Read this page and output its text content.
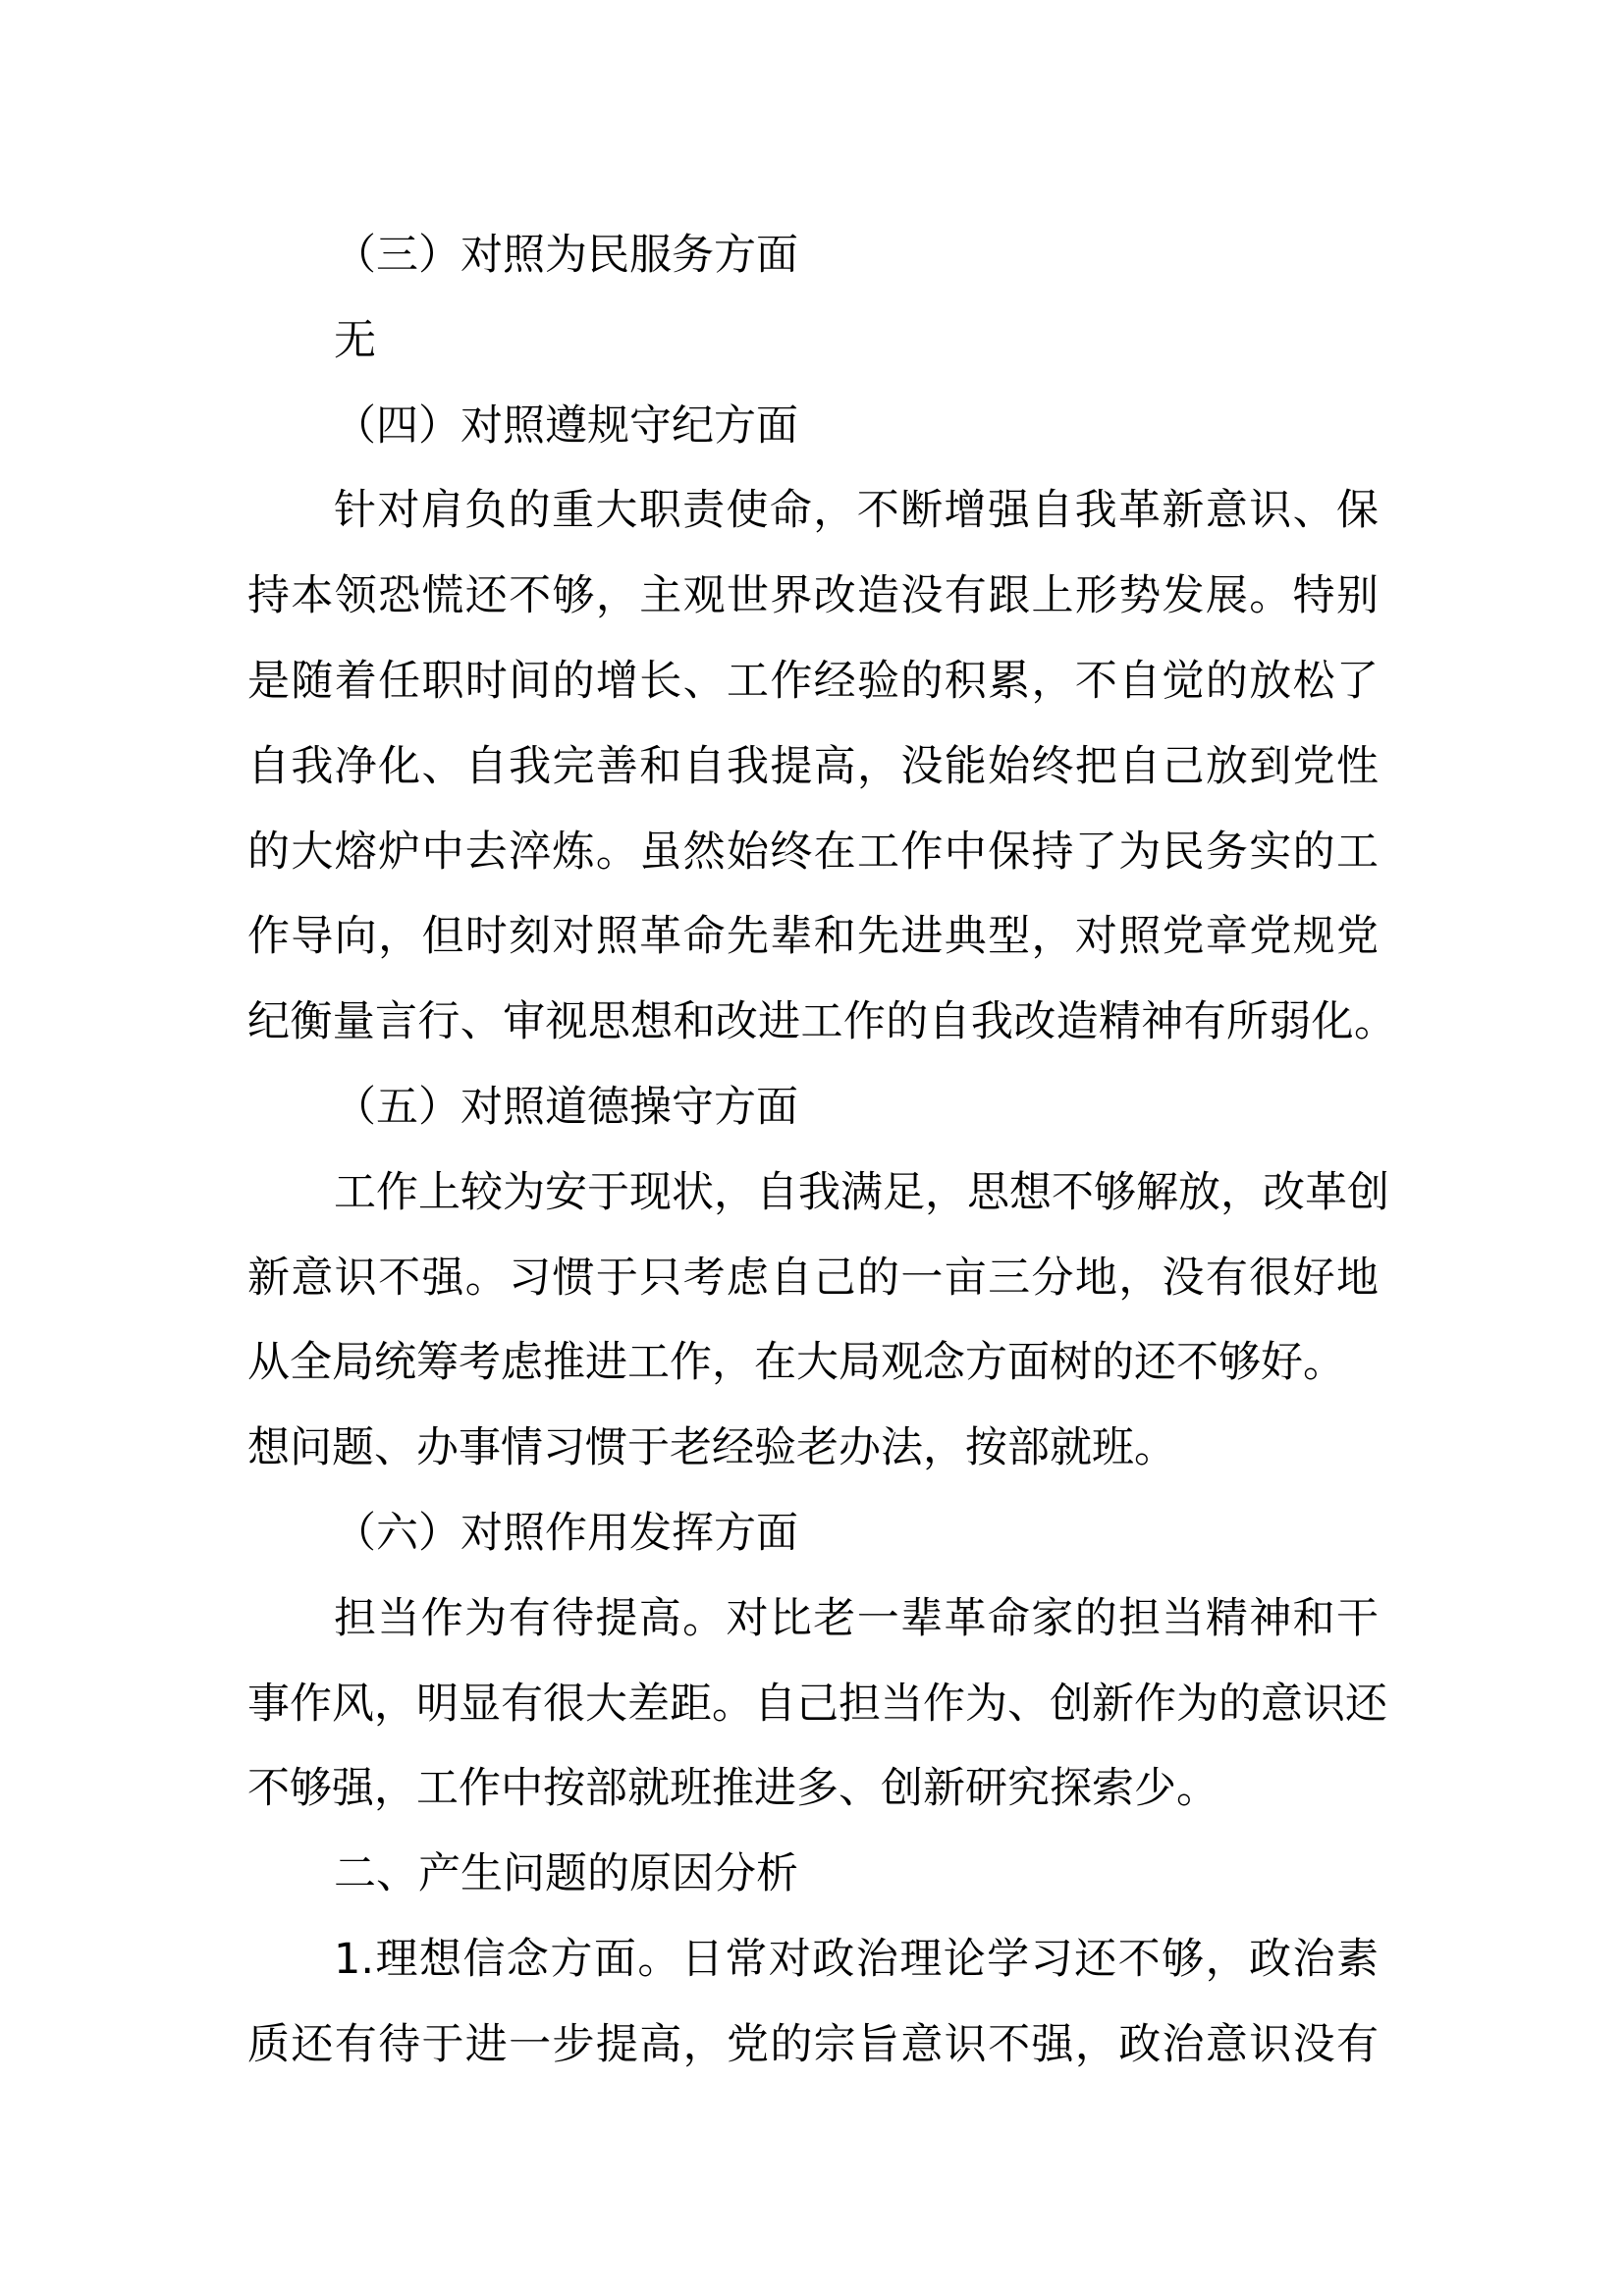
（三）对照为民服务方面
无
（四）对照遵规守纪方面
针对肩负的重大职责使命，不断增强自我革新意识、保
持本领恐慌还不够，主观世界改造没有跟上形势发展。特别
是随着任职时间的增长、工作经验的积累，不自觉的放松了
自我净化、自我完善和自我提高，没能始终把自己放到党性
的大熔炉中去淬炼。虽然始终在工作中保持了为民务实的工
作导向，但时刻对照革命先辈和先进典型，对照党章党规党
纪衡量言行、审视思想和改进工作的自我改造精神有所弱化。
（五）对照道德操守方面
工作上较为安于现状，自我满足，思想不够解放，改革创
新意识不强。习惯于只考虑自己的一亩三分地，没有很好地
从全局统筹考虑推进工作，在大局观念方面树的还不够好。
想问题、办事情习惯于老经验老办法，按部就班。
（六）对照作用发挥方面
担当作为有待提高。对比老一辈革命家的担当精神和干
事作风，明显有很大差距。自己担当作为、创新作为的意识还
不够强，工作中按部就班推进多、创新研究探索少。
二、产生问题的原因分析
1.理想信念方面。日常对政治理论学习还不够，政治素
质还有待于进一步提高，党的宗旨意识不强，政治意识没有
